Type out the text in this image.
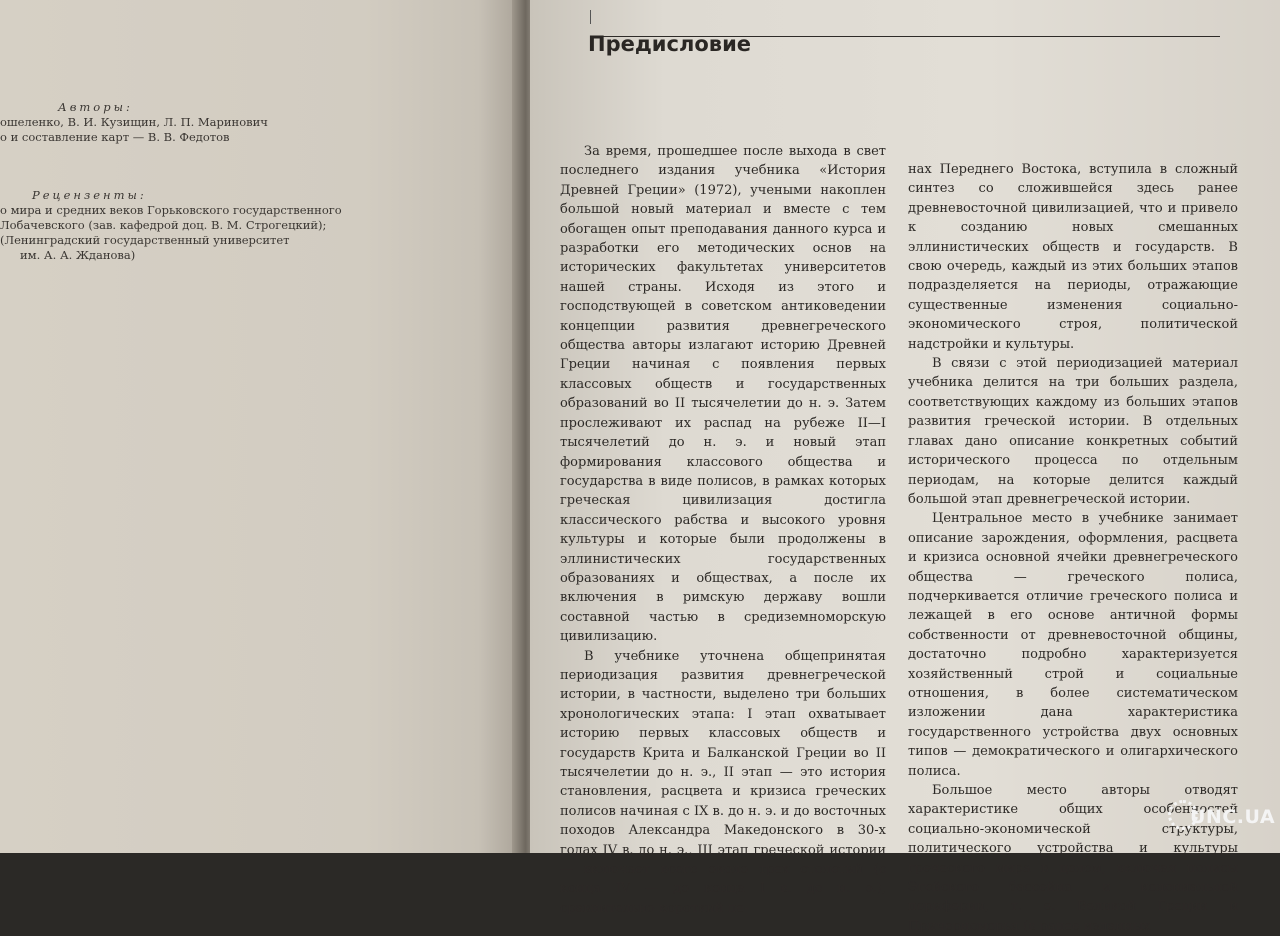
Авторы:
ошеленко, В. И. Кузищин, Л. П. Маринович
о и составление карт — В. В. Федотов
Рецензенты:
о мира и средних веков Горьковского государственного
Лобачевского (зав. кафедрой доц. В. М. Строгецкий);
(Ленинградский государственный университет
им. А. А. Жданова)
Предисловие

За время, прошедшее после выхода в свет последнего издания учебника «История Древней Греции» (1972), учеными накоплен большой новый материал и вместе с тем обогащен опыт преподавания данного курса и разработки его методических основ на исторических факультетах университетов нашей страны. Исходя из этого и господствующей в советском антиковедении концепции развития древнегреческого общества авторы излагают историю Древней Греции начиная с появления первых классовых обществ и государственных образований во II тысячелетии до н. э. Затем прослеживают их распад на рубеже II—I тысячелетий до н. э. и новый этап формирования классового общества и государства в виде полисов, в рамках которых греческая цивилизация достигла классического рабства и высокого уровня культуры и которые были продолжены в эллинистических государственных образованиях и обществах, а после их включения в римскую державу вошли составной частью в средиземноморскую цивилизацию.

В учебнике уточнена общепринятая периодизация развития древнегреческой истории, в частности, выделено три больших хронологических этапа: I этап охватывает историю первых классовых обществ и государств Крита и Балканской Греции во II тысячелетии до н. э., II этап — это история становления, расцвета и кризиса греческих полисов начиная с IX в. до н. э. и до восточных походов Александра Македонского в 30-х годах IV в. до н. э., III этап греческой истории — включает всего около трех столетий (с конца IV — до конца I в. до н. э.), сравнительно короткий пе-

нах Переднего Востока, вступила в сложный синтез со сложившейся здесь ранее древневосточной цивилизацией, что и привело к созданию новых смешанных эллинистических обществ и государств. В свою очередь, каждый из этих больших этапов подразделяется на периоды, отражающие существенные изменения социально-экономического строя, политической надстройки и культуры.

В связи с этой периодизацией материал учебника делится на три больших раздела, соответствующих каждому из больших этапов развития греческой истории. В отдельных главах дано описание конкретных событий исторического процесса по отдельным периодам, на которые делится каждый большой этап древнегреческой истории.

Центральное место в учебнике занимает описание зарождения, оформления, расцвета и кризиса основной ячейки древнегреческого общества — греческого полиса, подчеркивается отличие греческого полиса и лежащей в его основе античной формы собственности от древневосточной общины, достаточно подробно характеризуется хозяйственный строй и социальные отношения, в более систематическом изложении дана характеристика государственного устройства двух основных типов — демократического и олигархического полиса.

Большое место авторы отводят характеристике общих особенностей социально-экономической структуры, политического устройства и культуры греческого мира в целом, включая полисы Эгейского бассейна и колониальной периферии, т. е. Великой Греции и Причерноморья (в ранее изданных

UNC.UA
